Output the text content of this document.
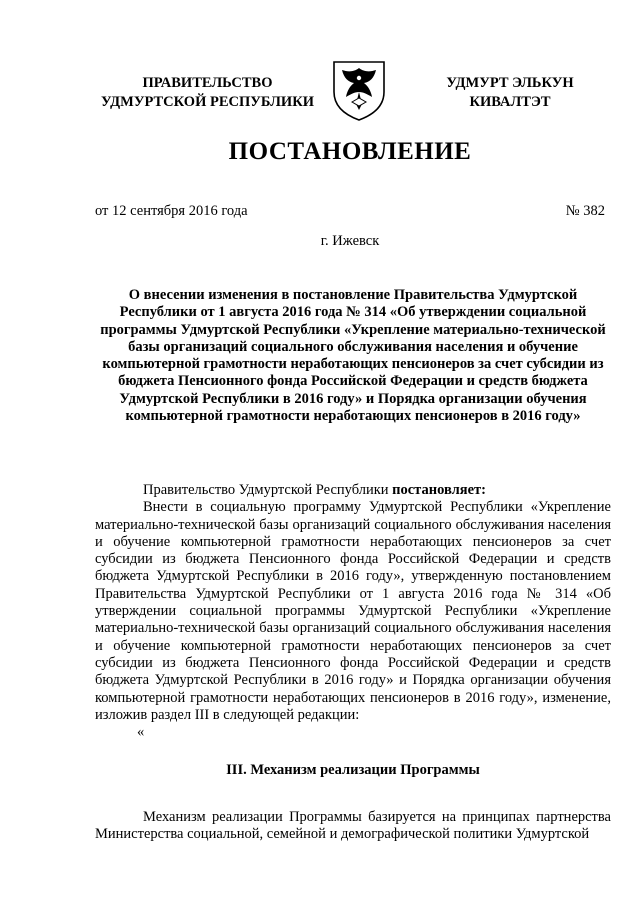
ПРАВИТЕЛЬСТВО
УДМУРТСКОЙ РЕСПУБЛИКИ
УДМУРТ ЭЛЬКУН
КИВАЛТЭТ
ПОСТАНОВЛЕНИЕ
от 12 сентября 2016 года	№ 382
г. Ижевск
О внесении изменения в постановление Правительства Удмуртской Республики от 1 августа 2016 года № 314 «Об утверждении социальной программы Удмуртской Республики «Укрепление материально-технической базы организаций социального обслуживания населения и обучение компьютерной грамотности неработающих пенсионеров за счет субсидии из бюджета Пенсионного фонда Российской Федерации и средств бюджета Удмуртской Республики в 2016 году» и Порядка организации обучения компьютерной грамотности неработающих пенсионеров в 2016 году»

Правительство Удмуртской Республики постановляет:

Внести в социальную программу Удмуртской Республики «Укрепление материально-технической базы организаций социального обслуживания населения и обучение компьютерной грамотности неработающих пенсионеров за счет субсидии из бюджета Пенсионного фонда Российской Федерации и средств бюджета Удмуртской Республики в 2016 году», утвержденную постановлением Правительства Удмуртской Республики от 1 августа 2016 года № 314 «Об утверждении социальной программы Удмуртской Республики «Укрепление материально-технической базы организаций социального обслуживания населения и обучение компьютерной грамотности неработающих пенсионеров за счет субсидии из бюджета Пенсионного фонда Российской Федерации и средств бюджета Удмуртской Республики в 2016 году» и Порядка организации обучения компьютерной грамотности неработающих пенсионеров в 2016 году», изменение, изложив раздел III в следующей редакции:

«

III. Механизм реализации Программы
Механизм реализации Программы базируется на принципах партнерства Министерства социальной, семейной и демографической политики Удмуртской
